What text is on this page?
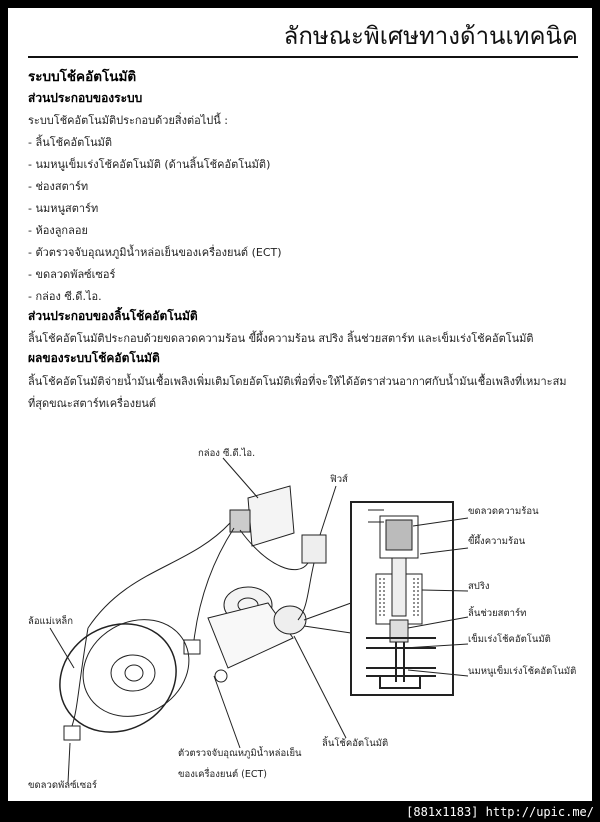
ลักษณะพิเศษทางด้านเทคนิค
ระบบโช้คอัตโนมัติ
ส่วนประกอบของระบบ
ระบบโช้คอัตโนมัติประกอบด้วยสิ่งต่อไปนี้ :
- ลิ้นโช้คอัตโนมัติ
- นมหนูเข็มเร่งโช้คอัตโนมัติ (ด้านลิ้นโช้คอัตโนมัติ)
- ช่องสตาร์ท
- นมหนูสตาร์ท
- ห้องลูกลอย
- ตัวตรวจจับอุณหภูมิน้ำหล่อเย็นของเครื่องยนต์ (ECT)
- ขดลวดพัลซ์เซอร์
- กล่อง ซี.ดี.ไอ.
ส่วนประกอบของลิ้นโช้คอัตโนมัติ
ลิ้นโช้คอัตโนมัติประกอบด้วยขดลวดความร้อน ขี้ผึ้งความร้อน สปริง ลิ้นช่วยสตาร์ท และเข็มเร่งโช้คอัตโนมัติ
ผลของระบบโช้คอัตโนมัติ
ลิ้นโช้คอัตโนมัติจ่ายน้ำมันเชื้อเพลิงเพิ่มเติมโดยอัตโนมัติเพื่อที่จะให้ได้อัตราส่วนอากาศกับน้ำมันเชื้อเพลิงที่เหมาะสม
ที่สุดขณะสตาร์ทเครื่องยนต์
กล่อง ซี.ดี.ไอ.
ฟิวส์
ล้อแม่เหล็ก
ตัวตรวจจับอุณหภูมิน้ำหล่อเย็น
ของเครื่องยนต์ (ECT)
ขดลวดพัลซ์เซอร์
ลิ้นโช้คอัตโนมัติ
ขดลวดความร้อน
ขี้ผึ้งความร้อน
สปริง
ลิ้นช่วยสตาร์ท
เข็มเร่งโช้คอัตโนมัติ
นมหนูเข็มเร่งโช้คอัตโนมัติ
[881x1183] http://upic.me/
